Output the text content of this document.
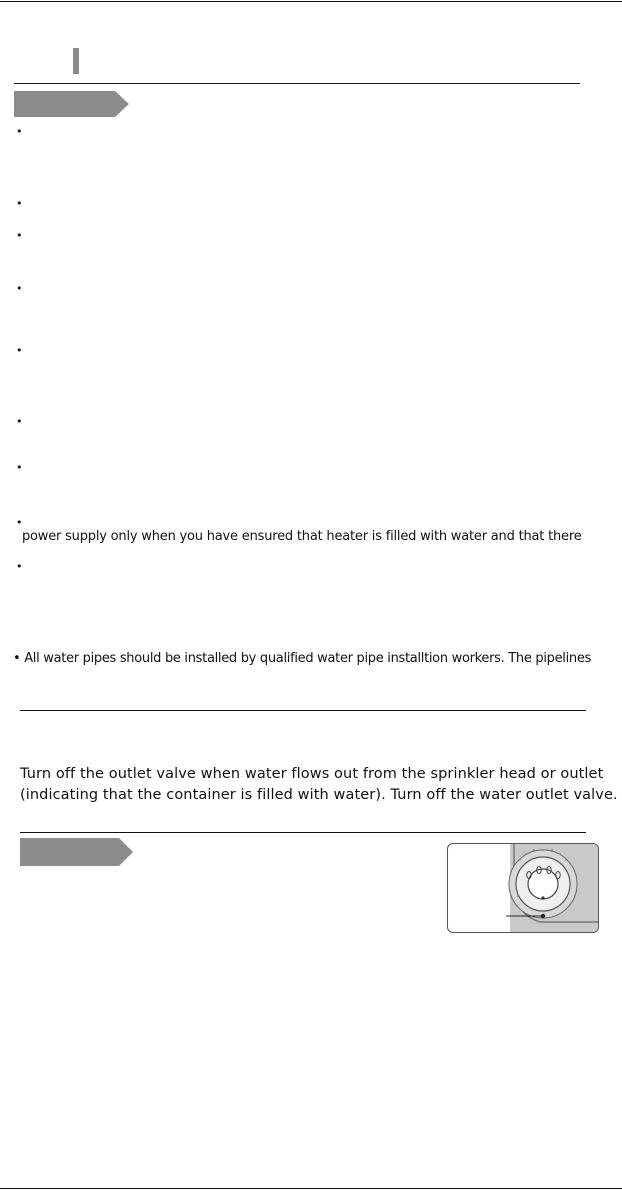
•
•
•
•
•
•
•
•
power supply only when you have ensured that heater is filled with water and that there
•
• All water pipes should be installed by qualified water pipe installtion workers. The pipelines
Turn off the outlet valve when water flows out from the sprinkler head or outlet
(indicating that the container is filled with water). Turn off the water outlet valve.
